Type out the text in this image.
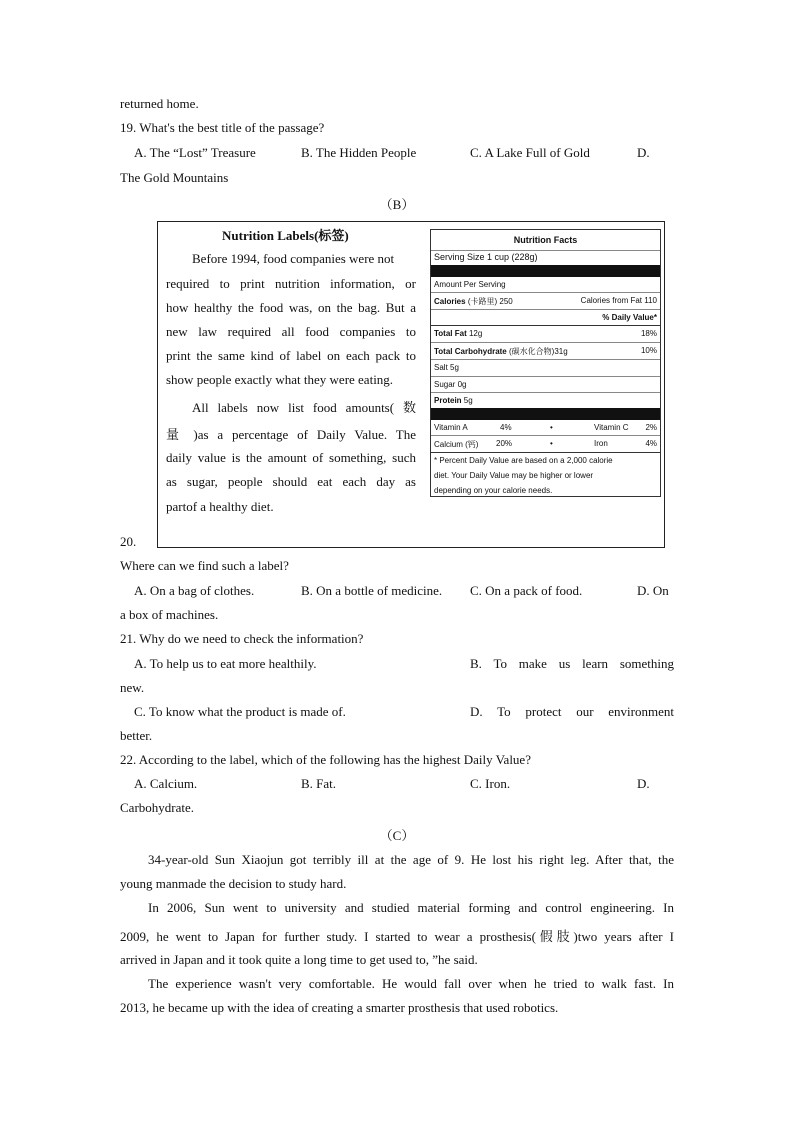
returned home.
19. What's the best title of the passage?
A. The “Lost” Treasure	B. The Hidden People	C. A Lake Full of Gold	D.
The Gold Mountains
（B）
Nutrition Labels(标签)
Before 1994, food companies were not
required to print nutrition information, or
how healthy the food was, on the bag. But a
new law required all food companies to
print the same kind of label on each pack to
show people exactly what they were eating.
All labels now list food amounts( 数
量 )as a percentage of Daily Value. The
daily value is the amount of something, such
as sugar, people should eat each day as
partof a healthy diet.
Nutrition Facts
Serving Size 1 cup (228g)
Amount Per Serving
Calories (卡路里) 250	Calories from Fat 110
% Daily Value*
Total Fat 12g	18%
Total Carbohydrate (碳水化合物)31g	10%
Salt 5g
Sugar 0g
Protein 5g
Vitamin A	4%	•	Vitamin C 2%
Calcium (钙) 20%	•	Iron	4%
* Percent Daily Value are based on a 2,000 calorie
diet. Your Daily Value may be higher or lower
depending on your calorie needs.
20.
Where can we find such a label?
A. On a bag of clothes.	B. On a bottle of medicine. C. On a pack of food.	D. On
a box of machines.
21. Why do we need to check the information?
A. To help us to eat more healthily.	B. To make us learn something
new.
C. To know what the product is made of.	D. To protect our environment
better.
22. According to the label, which of the following has the highest Daily Value?
A. Calcium.	B. Fat.	C. Iron.	D.
Carbohydrate.
（C）
34-year-old Sun Xiaojun got terribly ill at the age of 9. He lost his right leg. After that, the
young manmade the decision to study hard.
In 2006, Sun went to university and studied material forming and control engineering. In
2009, he went to Japan for further study. I started to wear a prosthesis(假肢)two years after I
arrived in Japan and it took quite a long time to get used to, ”he said.
The experience wasn't very comfortable. He would fall over when he tried to walk fast. In
2013, he became up with the idea of creating a smarter prosthesis that used robotics.
